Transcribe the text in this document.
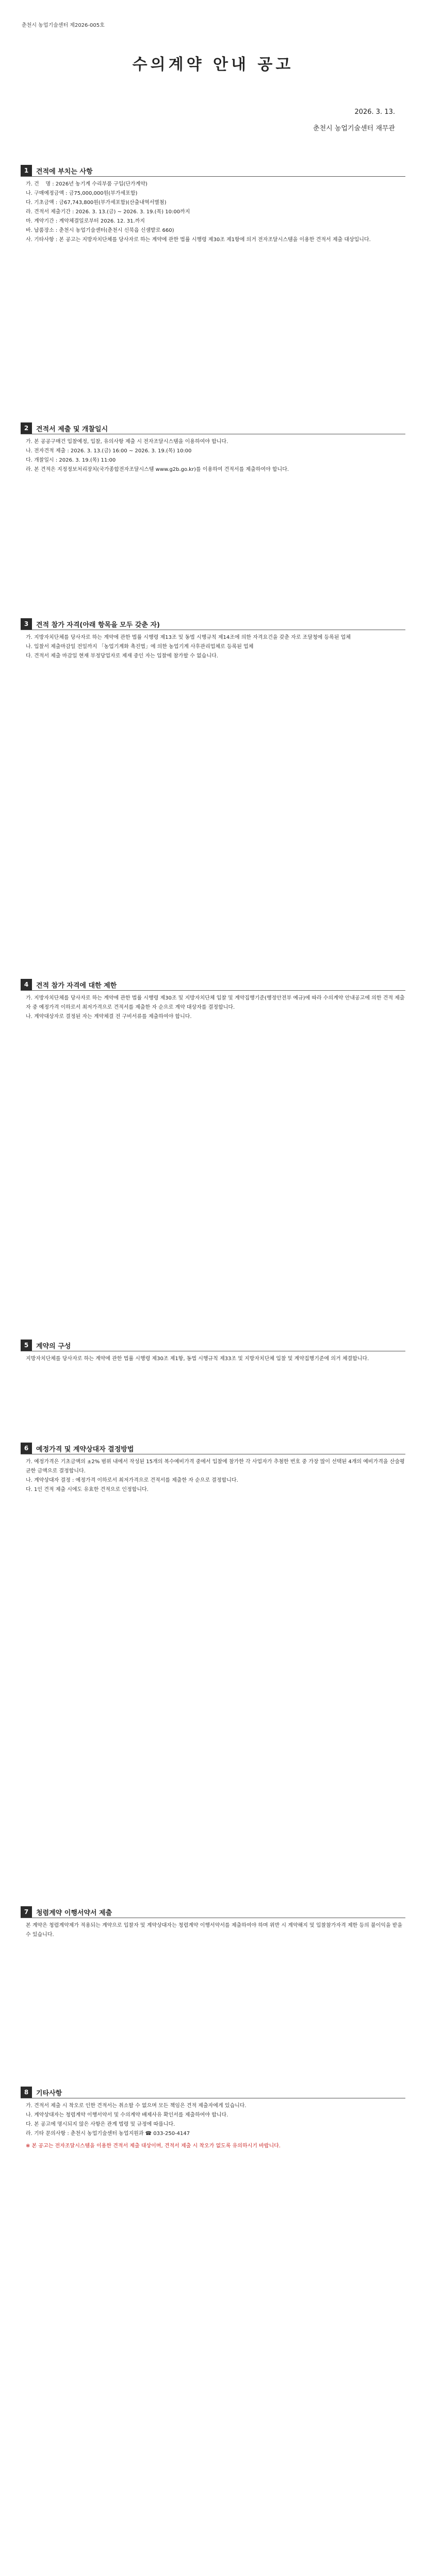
춘천시 농업기술센터 제2026-005호
수의계약 안내 공고
2026. 3. 13.
춘천시 농업기술센터 재무관
1	견적에 부치는 사항
가. 건    명 : 2026년 농기계 수리부품 구입(단가계약)
나. 구매예정금액 : 금75,000,000원(부가세포함)
다. 기초금액 : 금67,743,800원(부가세포함)(산출내역서별첨)
라. 견적서 제출기간 : 2026. 3. 13.(금) ~ 2026. 3. 19.(목) 10:00까지
마. 계약기간 : 계약체결일로부터 2026. 12. 31.까지
바. 납품장소 : 춘천시 농업기술센터(춘천시 신북읍 신샘밭로 660)
사. 기타사항 : 본 공고는 지방자치단체를 당사자로 하는 계약에 관한 법률 시행령 제30조 제1항에 의거 전자조달시스템을 이용한 견적서 제출 대상입니다.
2	견적서 제출 및 개찰일시
가. 본 공공구매건 입찰예정, 입찰, 유의사항 제출 시 전자조달시스템을 이용하여야 합니다.
나. 전자견적 제출 : 2026. 3. 13.(금) 16:00 ~ 2026. 3. 19.(목) 10:00
다. 개찰일시 : 2026. 3. 19.(목) 11:00
라. 본 견적은 지정정보처리장치(국가종합전자조달시스템 www.g2b.go.kr)를 이용하여 견적서를 제출하여야 합니다.
3	견적 참가 자격(아래 항목을 모두 갖춘 자)
가. 지방자치단체를 당사자로 하는 계약에 관한 법률 시행령 제13조 및 동법 시행규칙 제14조에 의한 자격요건을 갖춘 자로 조달청에 등록된 업체
나. 입찰서 제출마감일 전일까지 「농업기계화 촉진법」에 의한 농업기계 사후관리업체로 등록된 업체
다. 견적서 제출 마감일 현재 부정당업자로 제재 중인 자는 입찰에 참가할 수 없습니다.
4	견적 참가 자격에 대한 제한
가. 지방자치단체를 당사자로 하는 계약에 관한 법률 시행령 제30조 및 지방자치단체 입찰 및 계약집행기준(행정안전부 예규)에 따라 수의계약 안내공고에 의한 견적 제출자 중 예정가격 이하로서 최저가격으로 견적서를 제출한 자 순으로 계약 대상자를 결정합니다.
나. 계약대상자로 결정된 자는 계약체결 전 구비서류를 제출하여야 합니다.
5	계약의 구성
지방자치단체를 당사자로 하는 계약에 관한 법률 시행령 제30조 제1항, 동법 시행규칙 제33조 및 지방자치단체 입찰 및 계약집행기준에 의거 체결합니다.
6	예정가격 및 계약상대자 결정방법
가. 예정가격은 기초금액의 ±2% 범위 내에서 작성된 15개의 복수예비가격 중에서 입찰에 참가한 각 사업자가 추첨한 번호 중 가장 많이 선택된 4개의 예비가격을 산술평균한 금액으로 결정합니다.
나. 계약상대자 결정 : 예정가격 이하로서 최저가격으로 견적서를 제출한 자 순으로 결정합니다.
다. 1인 견적 제출 시에도 유효한 견적으로 인정합니다.
7	청렴계약 이행서약서 제출
본 계약은 청렴계약제가 적용되는 계약으로 입찰자 및 계약상대자는 청렴계약 이행서약서를 제출하여야 하며 위반 시 계약해지 및 입찰참가자격 제한 등의 불이익을 받을 수 있습니다.
8	기타사항
가. 견적서 제출 시 착오로 인한 견적서는 취소할 수 없으며 모든 책임은 견적 제출자에게 있습니다.
나. 계약상대자는 청렴계약 이행서약서 및 수의계약 배제사유 확인서를 제출하여야 합니다.
다. 본 공고에 명시되지 않은 사항은 관계 법령 및 규정에 따릅니다.
라. 기타 문의사항 : 춘천시 농업기술센터 농업지원과 ☎ 033-250-4147
※ 본 공고는 전자조달시스템을 이용한 견적서 제출 대상이며, 견적서 제출 시 착오가 없도록 유의하시기 바랍니다.
